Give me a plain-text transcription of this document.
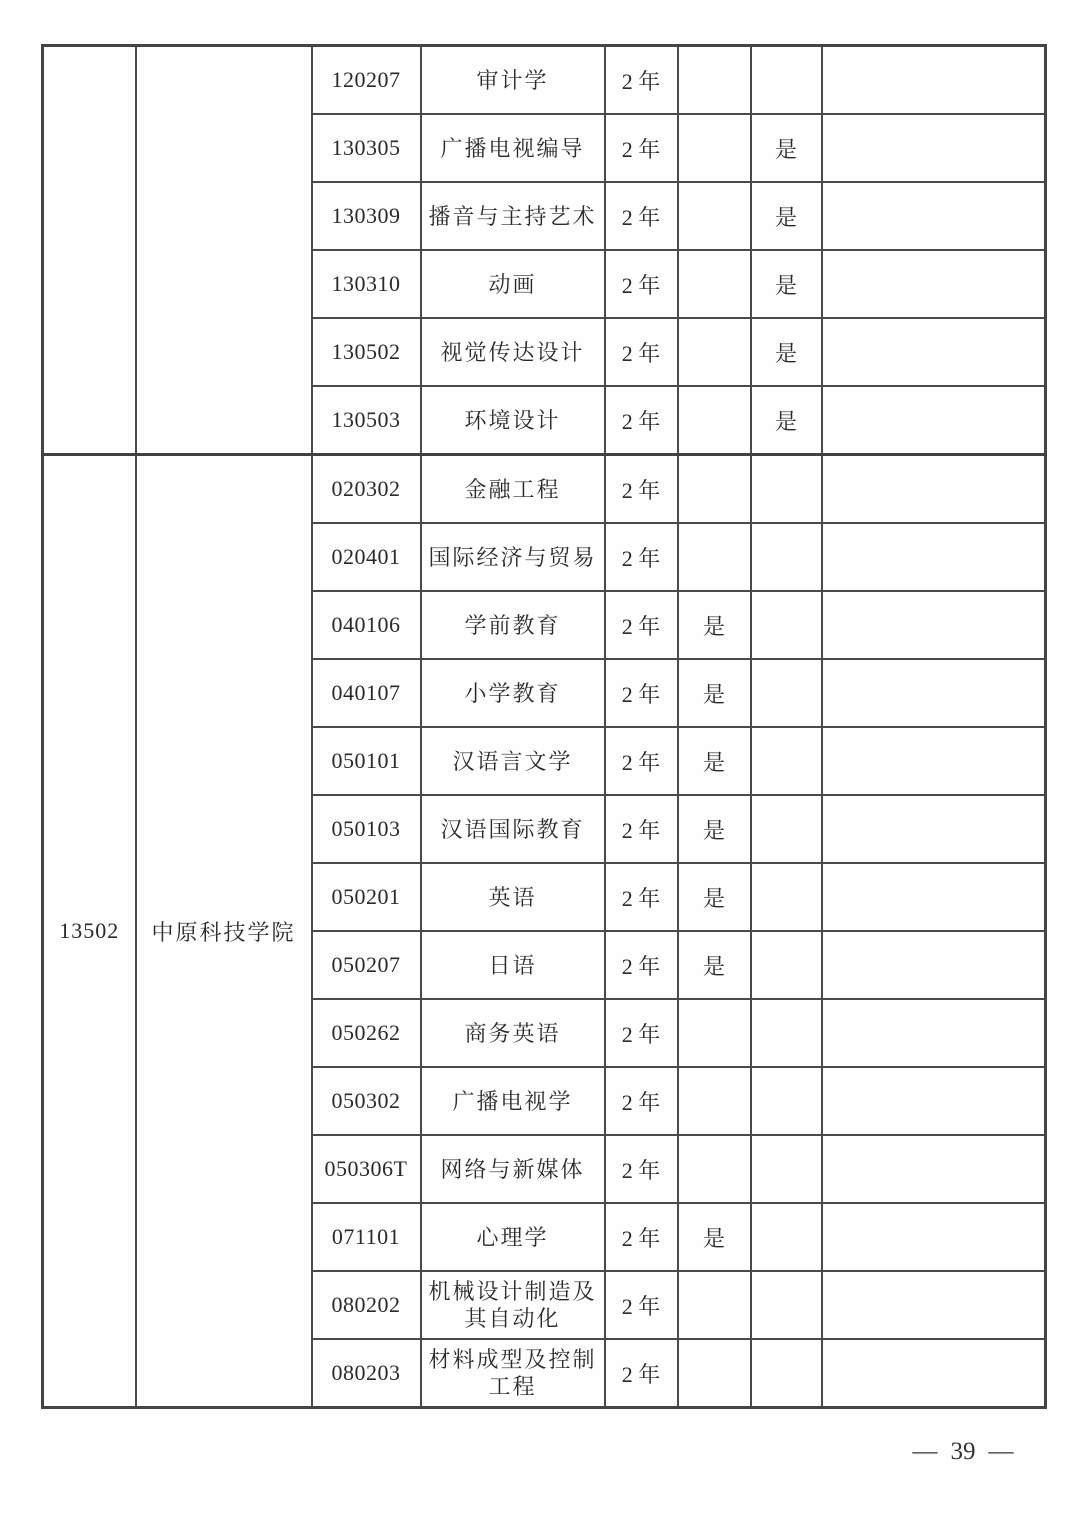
		120207	审计学	2 年			
		130305	广播电视编导	2 年		是	
		130309	播音与主持艺术	2 年		是	
		130310	动画	2 年		是	
		130502	视觉传达设计	2 年		是	
		130503	环境设计	2 年		是	
13502	中原科技学院	020302	金融工程	2 年			
		020401	国际经济与贸易	2 年			
		040106	学前教育	2 年	是		
		040107	小学教育	2 年	是		
		050101	汉语言文学	2 年	是		
		050103	汉语国际教育	2 年	是		
		050201	英语	2 年	是		
		050207	日语	2 年	是		
		050262	商务英语	2 年			
		050302	广播电视学	2 年			
		050306T	网络与新媒体	2 年			
		071101	心理学	2 年	是		
		080202	机械设计制造及其自动化	2 年			
		080203	材料成型及控制工程	2 年			
— 39 —
